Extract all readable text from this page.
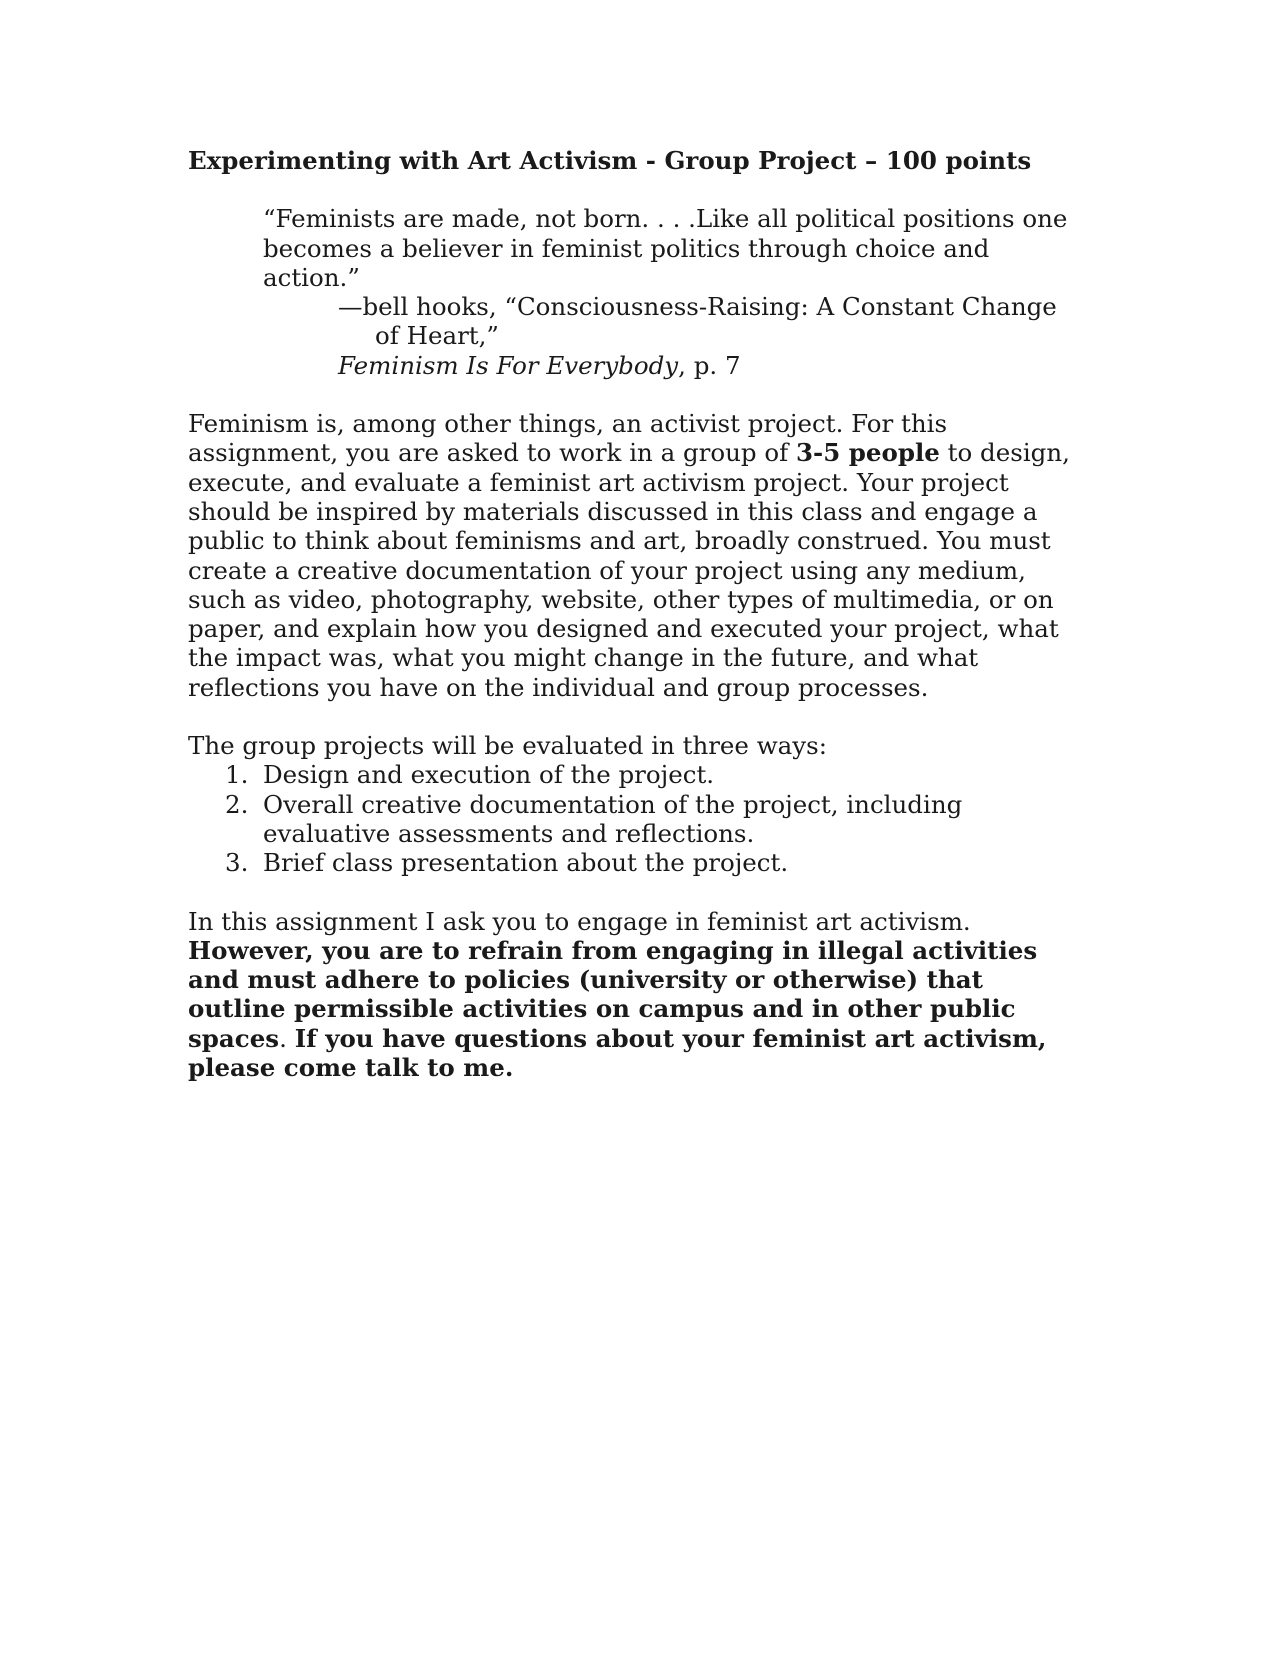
Experimenting with Art Activism - Group Project – 100 points
“Feminists are made, not born. . . .Like all political positions one becomes a believer in feminist politics through choice and action.”
—bell hooks, “Consciousness-Raising: A Constant Change of Heart,”
Feminism Is For Everybody, p. 7
Feminism is, among other things, an activist project. For this assignment, you are asked to work in a group of 3-5 people to design, execute, and evaluate a feminist art activism project. Your project should be inspired by materials discussed in this class and engage a public to think about feminisms and art, broadly construed. You must create a creative documentation of your project using any medium, such as video, photography, website, other types of multimedia, or on paper, and explain how you designed and executed your project, what the impact was, what you might change in the future, and what reflections you have on the individual and group processes.
The group projects will be evaluated in three ways:
1. Design and execution of the project.
2. Overall creative documentation of the project, including evaluative assessments and reflections.
3. Brief class presentation about the project.
In this assignment I ask you to engage in feminist art activism. However, you are to refrain from engaging in illegal activities and must adhere to policies (university or otherwise) that outline permissible activities on campus and in other public spaces. If you have questions about your feminist art activism, please come talk to me.
